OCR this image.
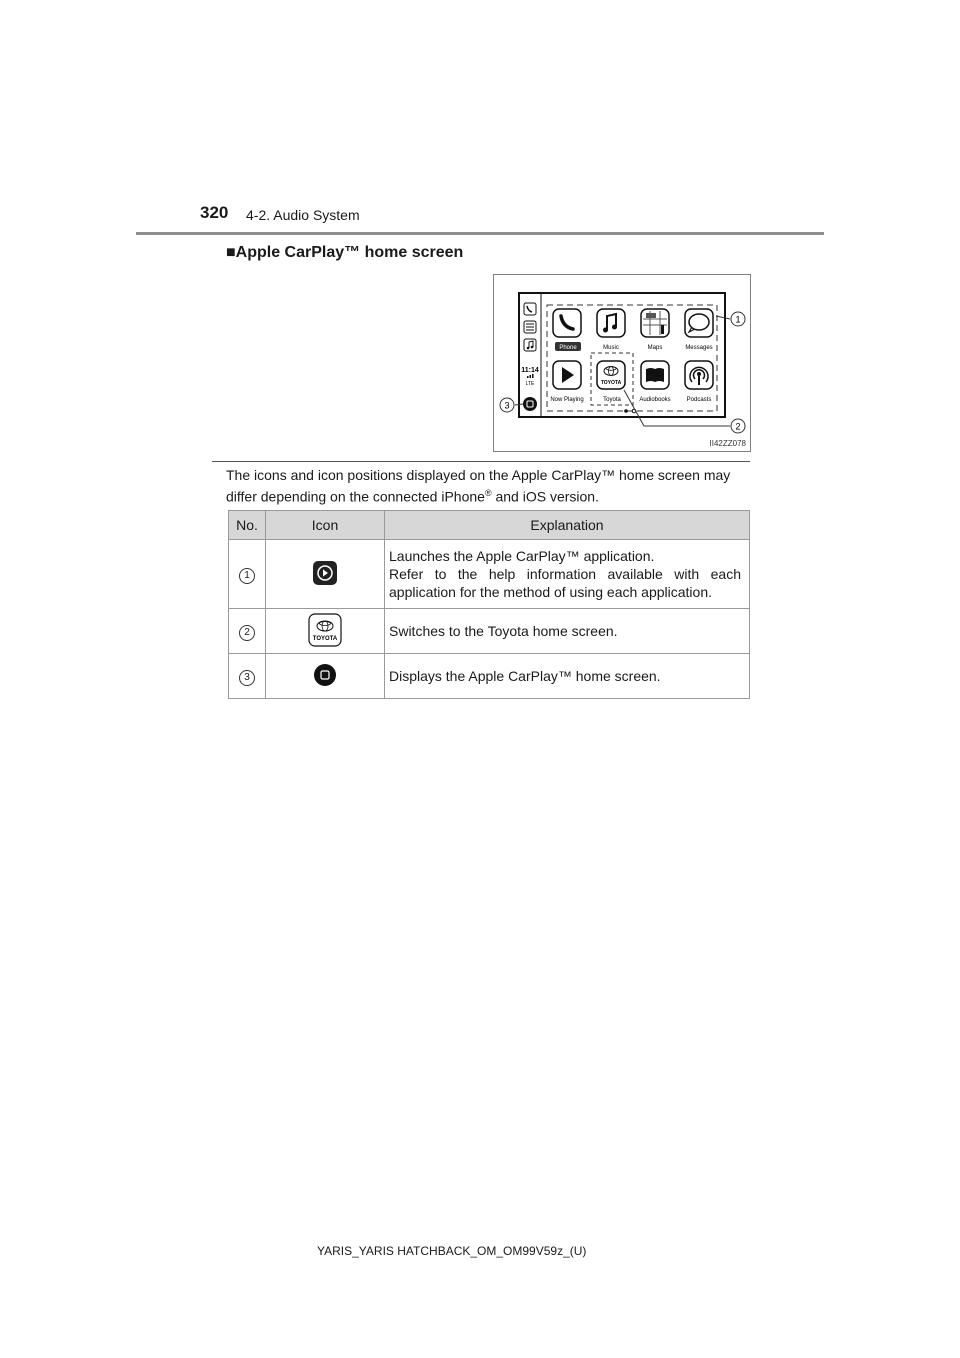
320 4-2. Audio System
■Apple CarPlay™ home screen
11:14
LTE
Phone	Music	Maps	Messages
Now Playing
TOYOTA
Toyota	Audiobooks	Podcasts
1
2
3
II42ZZ078
The icons and icon positions displayed on the Apple CarPlay™ home screen may differ depending on the connected iPhone® and iOS version.
No.	Icon	Explanation
1		Launches the Apple CarPlay™ application.
Refer to the help information available with each
application for the method of using each application.

2	TOYOTA	Switches to the Toyota home screen.

3		Displays the Apple CarPlay™ home screen.
YARIS_YARIS HATCHBACK_OM_OM99V59z_(U)
